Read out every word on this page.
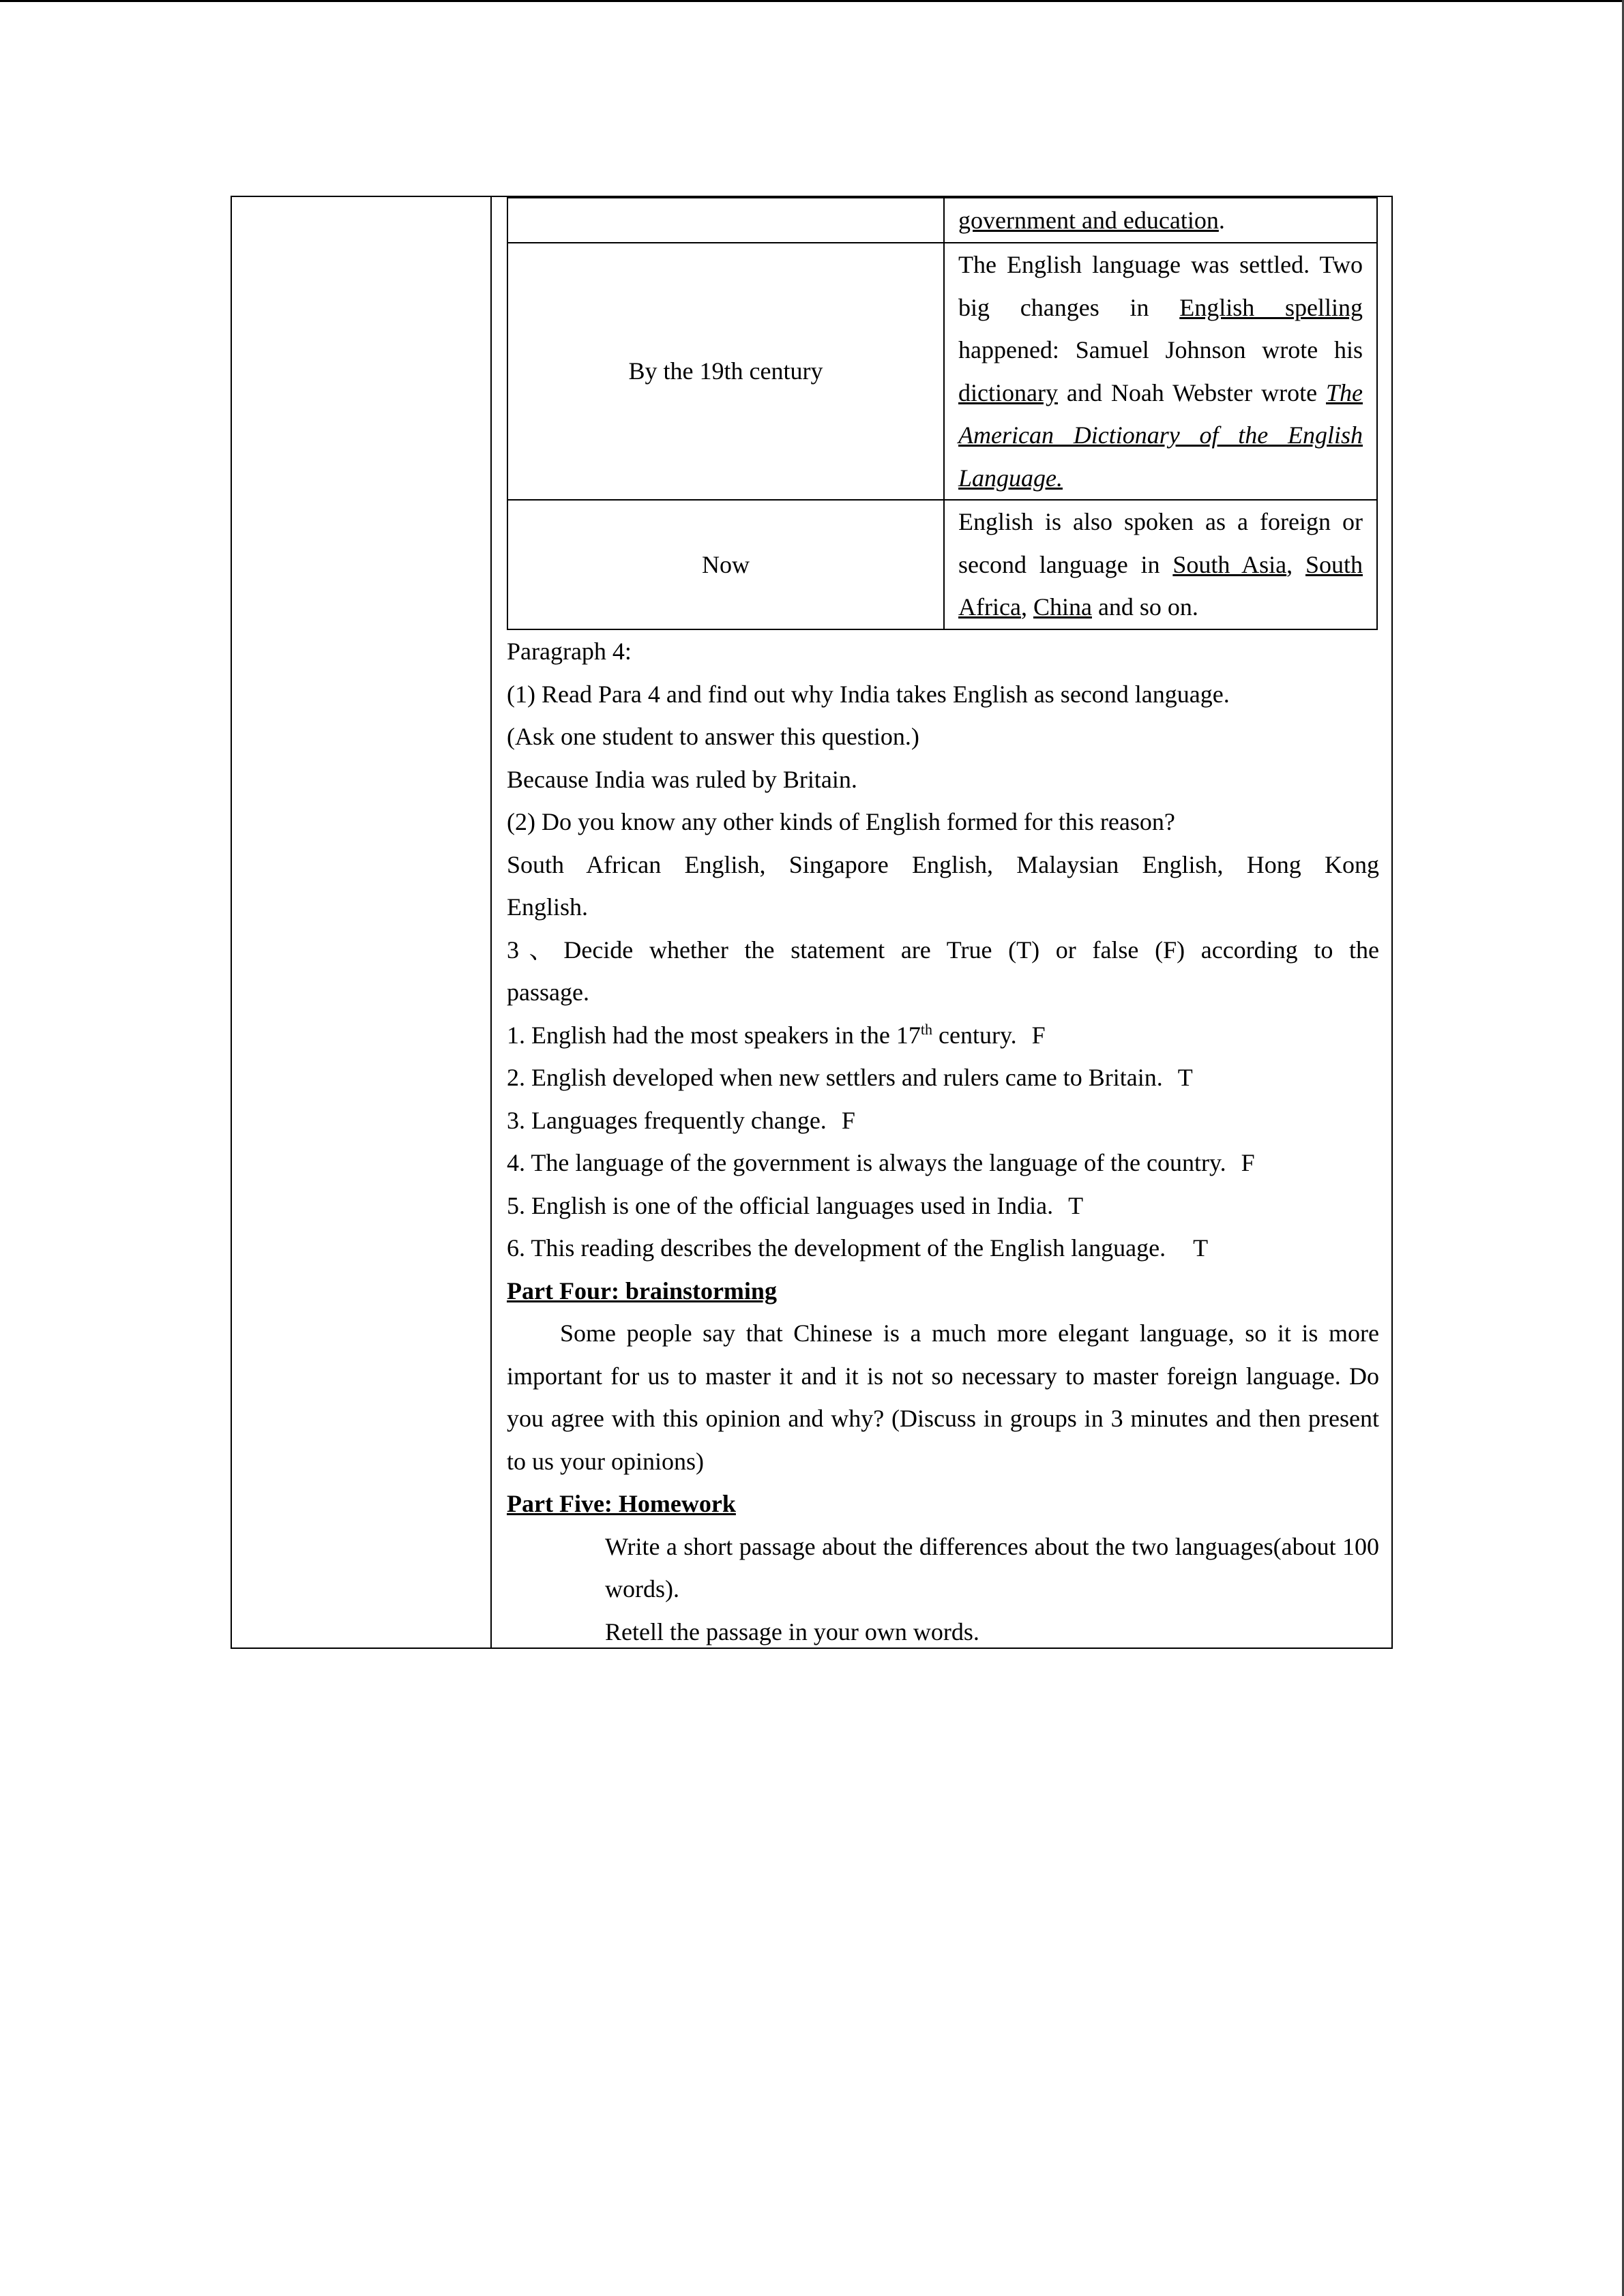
	government and education.
By the 19th century	The English language was settled. Two big changes in English spelling happened: Samuel Johnson wrote his dictionary and Noah Webster wrote The American Dictionary of the English Language.
Now	English is also spoken as a foreign or second language in South Asia, South Africa, China and so on.

Paragraph 4:

(1) Read Para 4 and find out why India takes English as second language.

(Ask one student to answer this question.)

Because India was ruled by Britain.

(2) Do you know any other kinds of English formed for this reason?

South African English, Singapore English, Malaysian English, Hong Kong

English.

3、Decide whether the statement are True (T) or false (F) according to the

passage.

1. English had the most speakers in the 17th century. F

2. English developed when new settlers and rulers came to Britain. T

3. Languages frequently change. F

4. The language of the government is always the language of the country. F

5. English is one of the official languages used in India. T

6. This reading describes the development of the English language. T

Part Four: brainstorming

Some people say that Chinese is a much more elegant language, so it is more important for us to master it and it is not so necessary to master foreign language. Do you agree with this opinion and why? (Discuss in groups in 3 minutes and then present to us your opinions)

Part Five: Homework

Write a short passage about the differences about the two languages(about 100 words).
Retell the passage in your own words.
